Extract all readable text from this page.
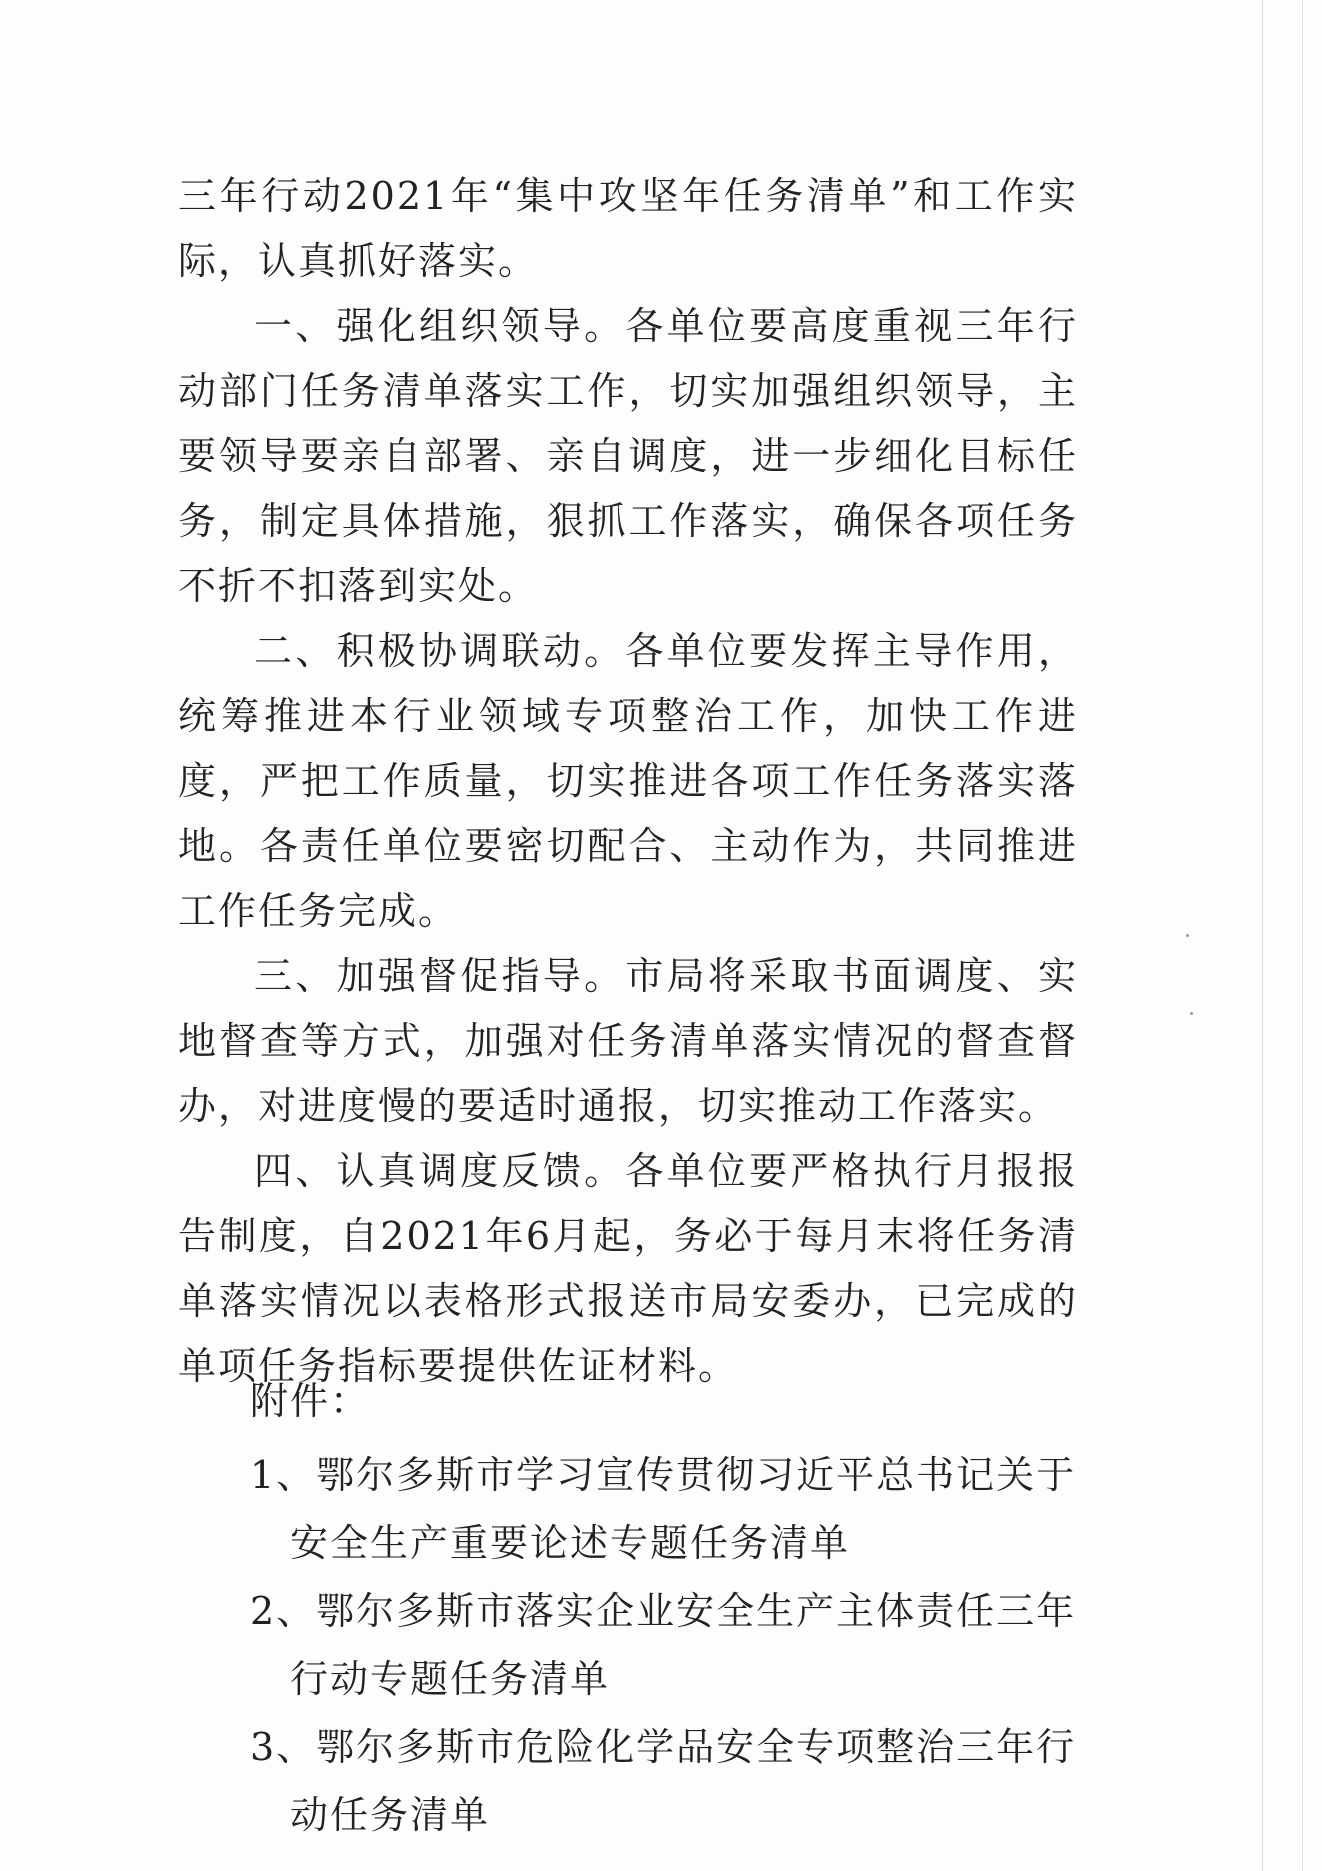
三年行动2021年“集中攻坚年任务清单”和工作实际，认真抓好落实。

一、强化组织领导。各单位要高度重视三年行动部门任务清单落实工作，切实加强组织领导，主要领导要亲自部署、亲自调度，进一步细化目标任务，制定具体措施，狠抓工作落实，确保各项任务不折不扣落到实处。

二、积极协调联动。各单位要发挥主导作用，统筹推进本行业领域专项整治工作，加快工作进度，严把工作质量，切实推进各项工作任务落实落地。各责任单位要密切配合、主动作为，共同推进工作任务完成。

三、加强督促指导。市局将采取书面调度、实地督查等方式，加强对任务清单落实情况的督查督办，对进度慢的要适时通报，切实推动工作落实。

四、认真调度反馈。各单位要严格执行月报报告制度，自2021年6月起，务必于每月末将任务清单落实情况以表格形式报送市局安委办，已完成的单项任务指标要提供佐证材料。

附件：

1、鄂尔多斯市学习宣传贯彻习近平总书记关于安全生产重要论述专题任务清单

2、鄂尔多斯市落实企业安全生产主体责任三年行动专题任务清单

3、鄂尔多斯市危险化学品安全专项整治三年行动任务清单
